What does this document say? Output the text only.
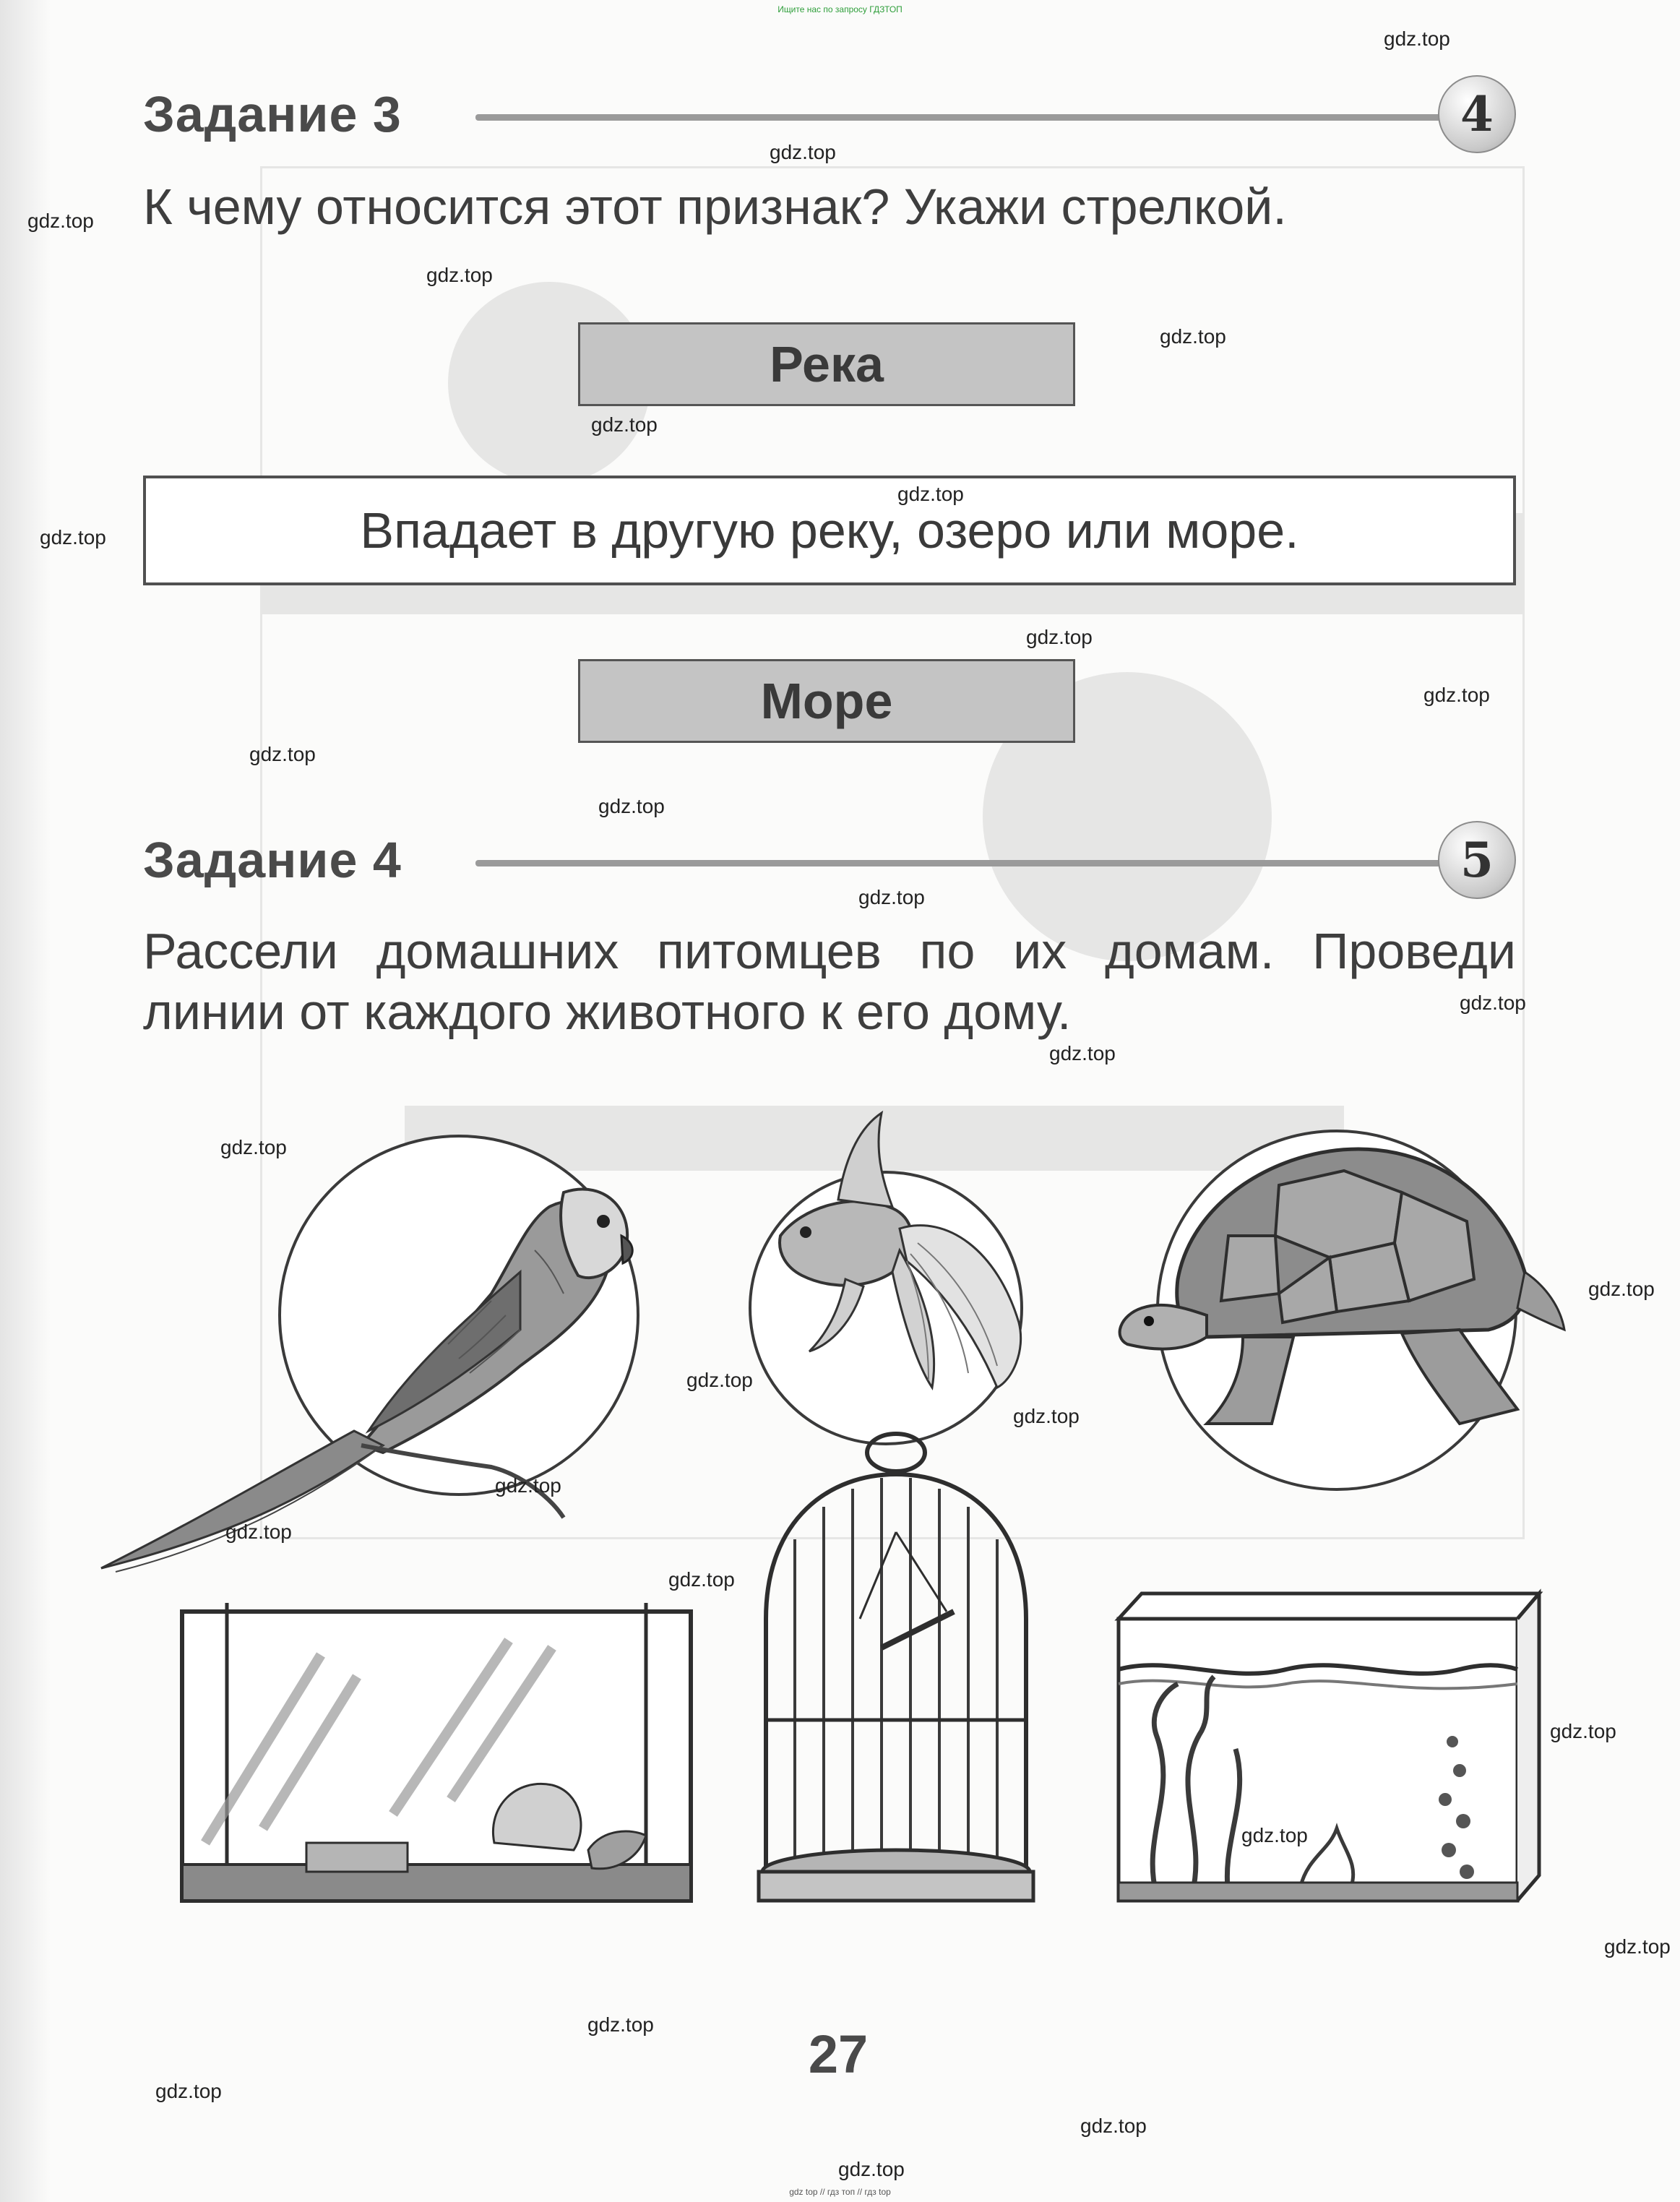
Ищите нас по запросу ГДЗТОП
Задание 3	4
К чему относится этот признак? Укажи стрелкой.
Река
Впадает в другую реку, озеро или море.
Море
Задание 4	5
Рассели домашних питомцев по их домам. Проведи линии от каждого животного к его дому.
27
gdz.top
gdz.top
gdz.top
gdz.top
gdz.top
gdz.top
gdz.top
gdz.top
gdz.top
gdz.top
gdz.top
gdz.top
gdz.top
gdz.top
gdz.top
gdz.top
gdz.top
gdz.top
gdz.top
gdz.top
gdz.top
gdz.top
gdz.top
gdz.top
gdz.top
gdz.top
gdz.top
gdz.top
gdz.top
gdz top // гдз топ // гдз top
